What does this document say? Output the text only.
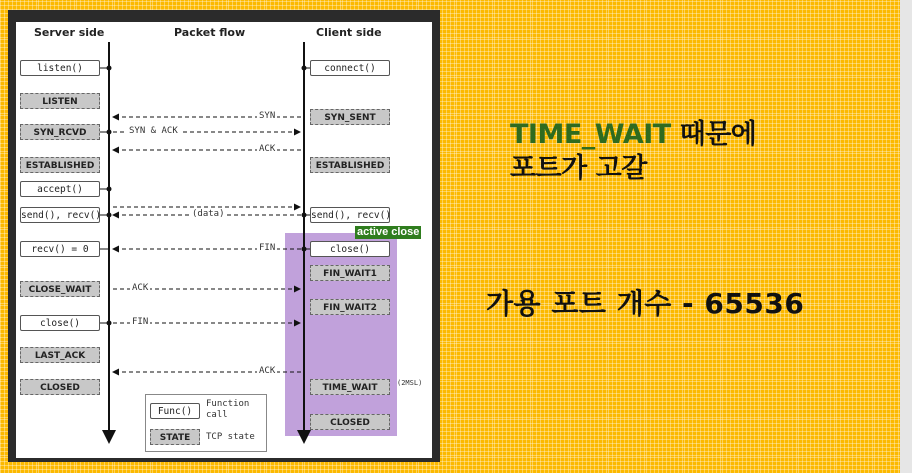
Server side	Packet flow	Client side
listen()
LISTEN
SYN_RCVD
ESTABLISHED
accept()
send(), recv()
recv() = 0
CLOSE_WAIT
close()
LAST_ACK
CLOSED
connect()
SYN_SENT
ESTABLISHED
send(), recv()
close()
FIN_WAIT1
FIN_WAIT2
TIME_WAIT
CLOSED
SYN
SYN & ACK
ACK
(data)
FIN
ACK
FIN
ACK
active close
(2MSL)
Func()
Function call
STATE	TCP state
TIME_WAIT 때문에
포트가 고갈
가용 포트 개수 - 65536
